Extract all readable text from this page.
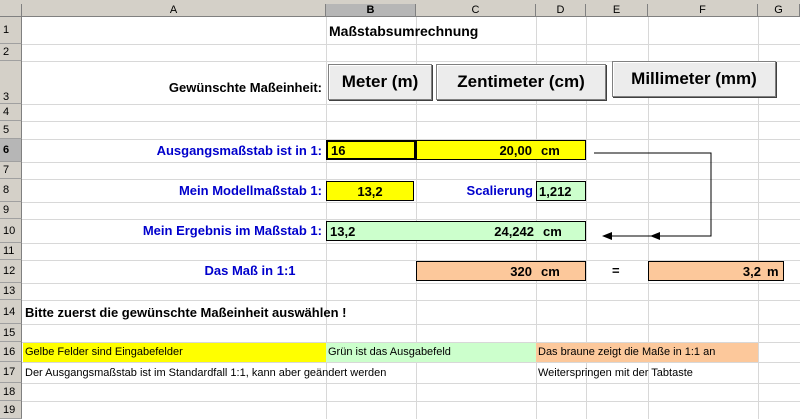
A	B	C	D	E	F	G
1
2
3
4
5
6
7
8
9
10
11
12
13
14
15
16
17
18
19
Maßstabsumrechnung
Gewünschte Maßeinheit:	Meter (m)	Zentimeter (cm)	Millimeter (mm)
Ausgangsmaßstab ist in 1: 16	20,00 cm
Mein Modellmaßstab 1:	13,2	Scalierung 1,212
Mein Ergebnis im Maßstab 1: 13,2	24,242 cm
Das Maß in 1:1	320 cm	=	3,2 m
Bitte zuerst die gewünschte Maßeinheit auswählen !
Gelbe Felder sind Eingabefelder	Grün ist das Ausgabefeld	Das braune zeigt die Maße in 1:1 an
Der Ausgangsmaßstab ist im Standardfall 1:1, kann aber geändert werden	Weiterspringen mit der Tabtaste
